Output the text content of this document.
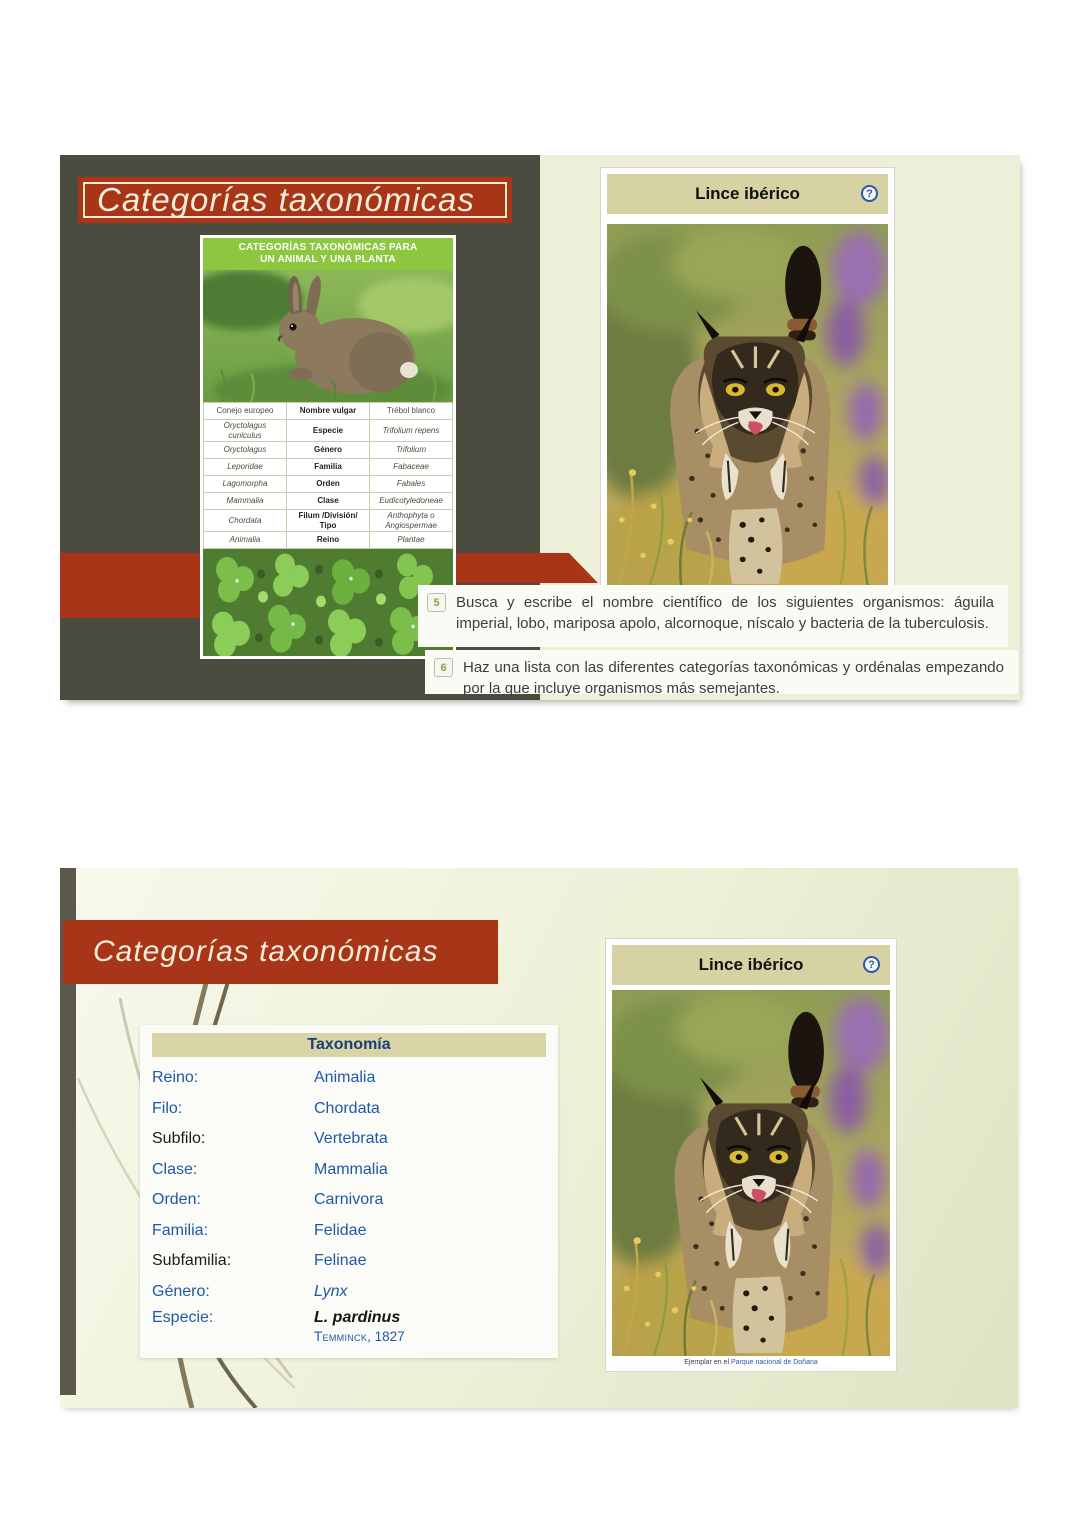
Categorías taxonómicas
CATEGORÍAS TAXONÓMICAS PARA
UN ANIMAL Y UNA PLANTA
Conejo europeo	Nombre vulgar	Trébol blanco
Oryctolagus cuniculus	Especie	Trifolium repens
Oryctolagus	Género	Trifolium
Leporidae	Familia	Fabaceae
Lagomorpha	Orden	Fabales
Mammalia	Clase	Eudicotyledoneae
Chordata	Filum /División/ Tipo	Anthophyta o Angiospermae
Animalia	Reino	Plantae
Lince ibérico	?
5	Busca y escribe el nombre científico de los siguientes organismos: águila imperial, lobo, mariposa apolo, alcornoque, níscalo y bacteria de la tuberculosis.
6	Haz una lista con las diferentes categorías taxonómicas y ordénalas empezando por la que incluye organismos más semejantes.
Categorías taxonómicas
Taxonomía
Reino:	Animalia
Filo:	Chordata
Subfilo:	Vertebrata
Clase:	Mammalia
Orden:	Carnivora
Familia:	Felidae
Subfamilia:	Felinae
Género:	Lynx
Especie:	L. pardinus
Temminck, 1827
Lince ibérico	?
Ejemplar en el Parque nacional de Doñana
